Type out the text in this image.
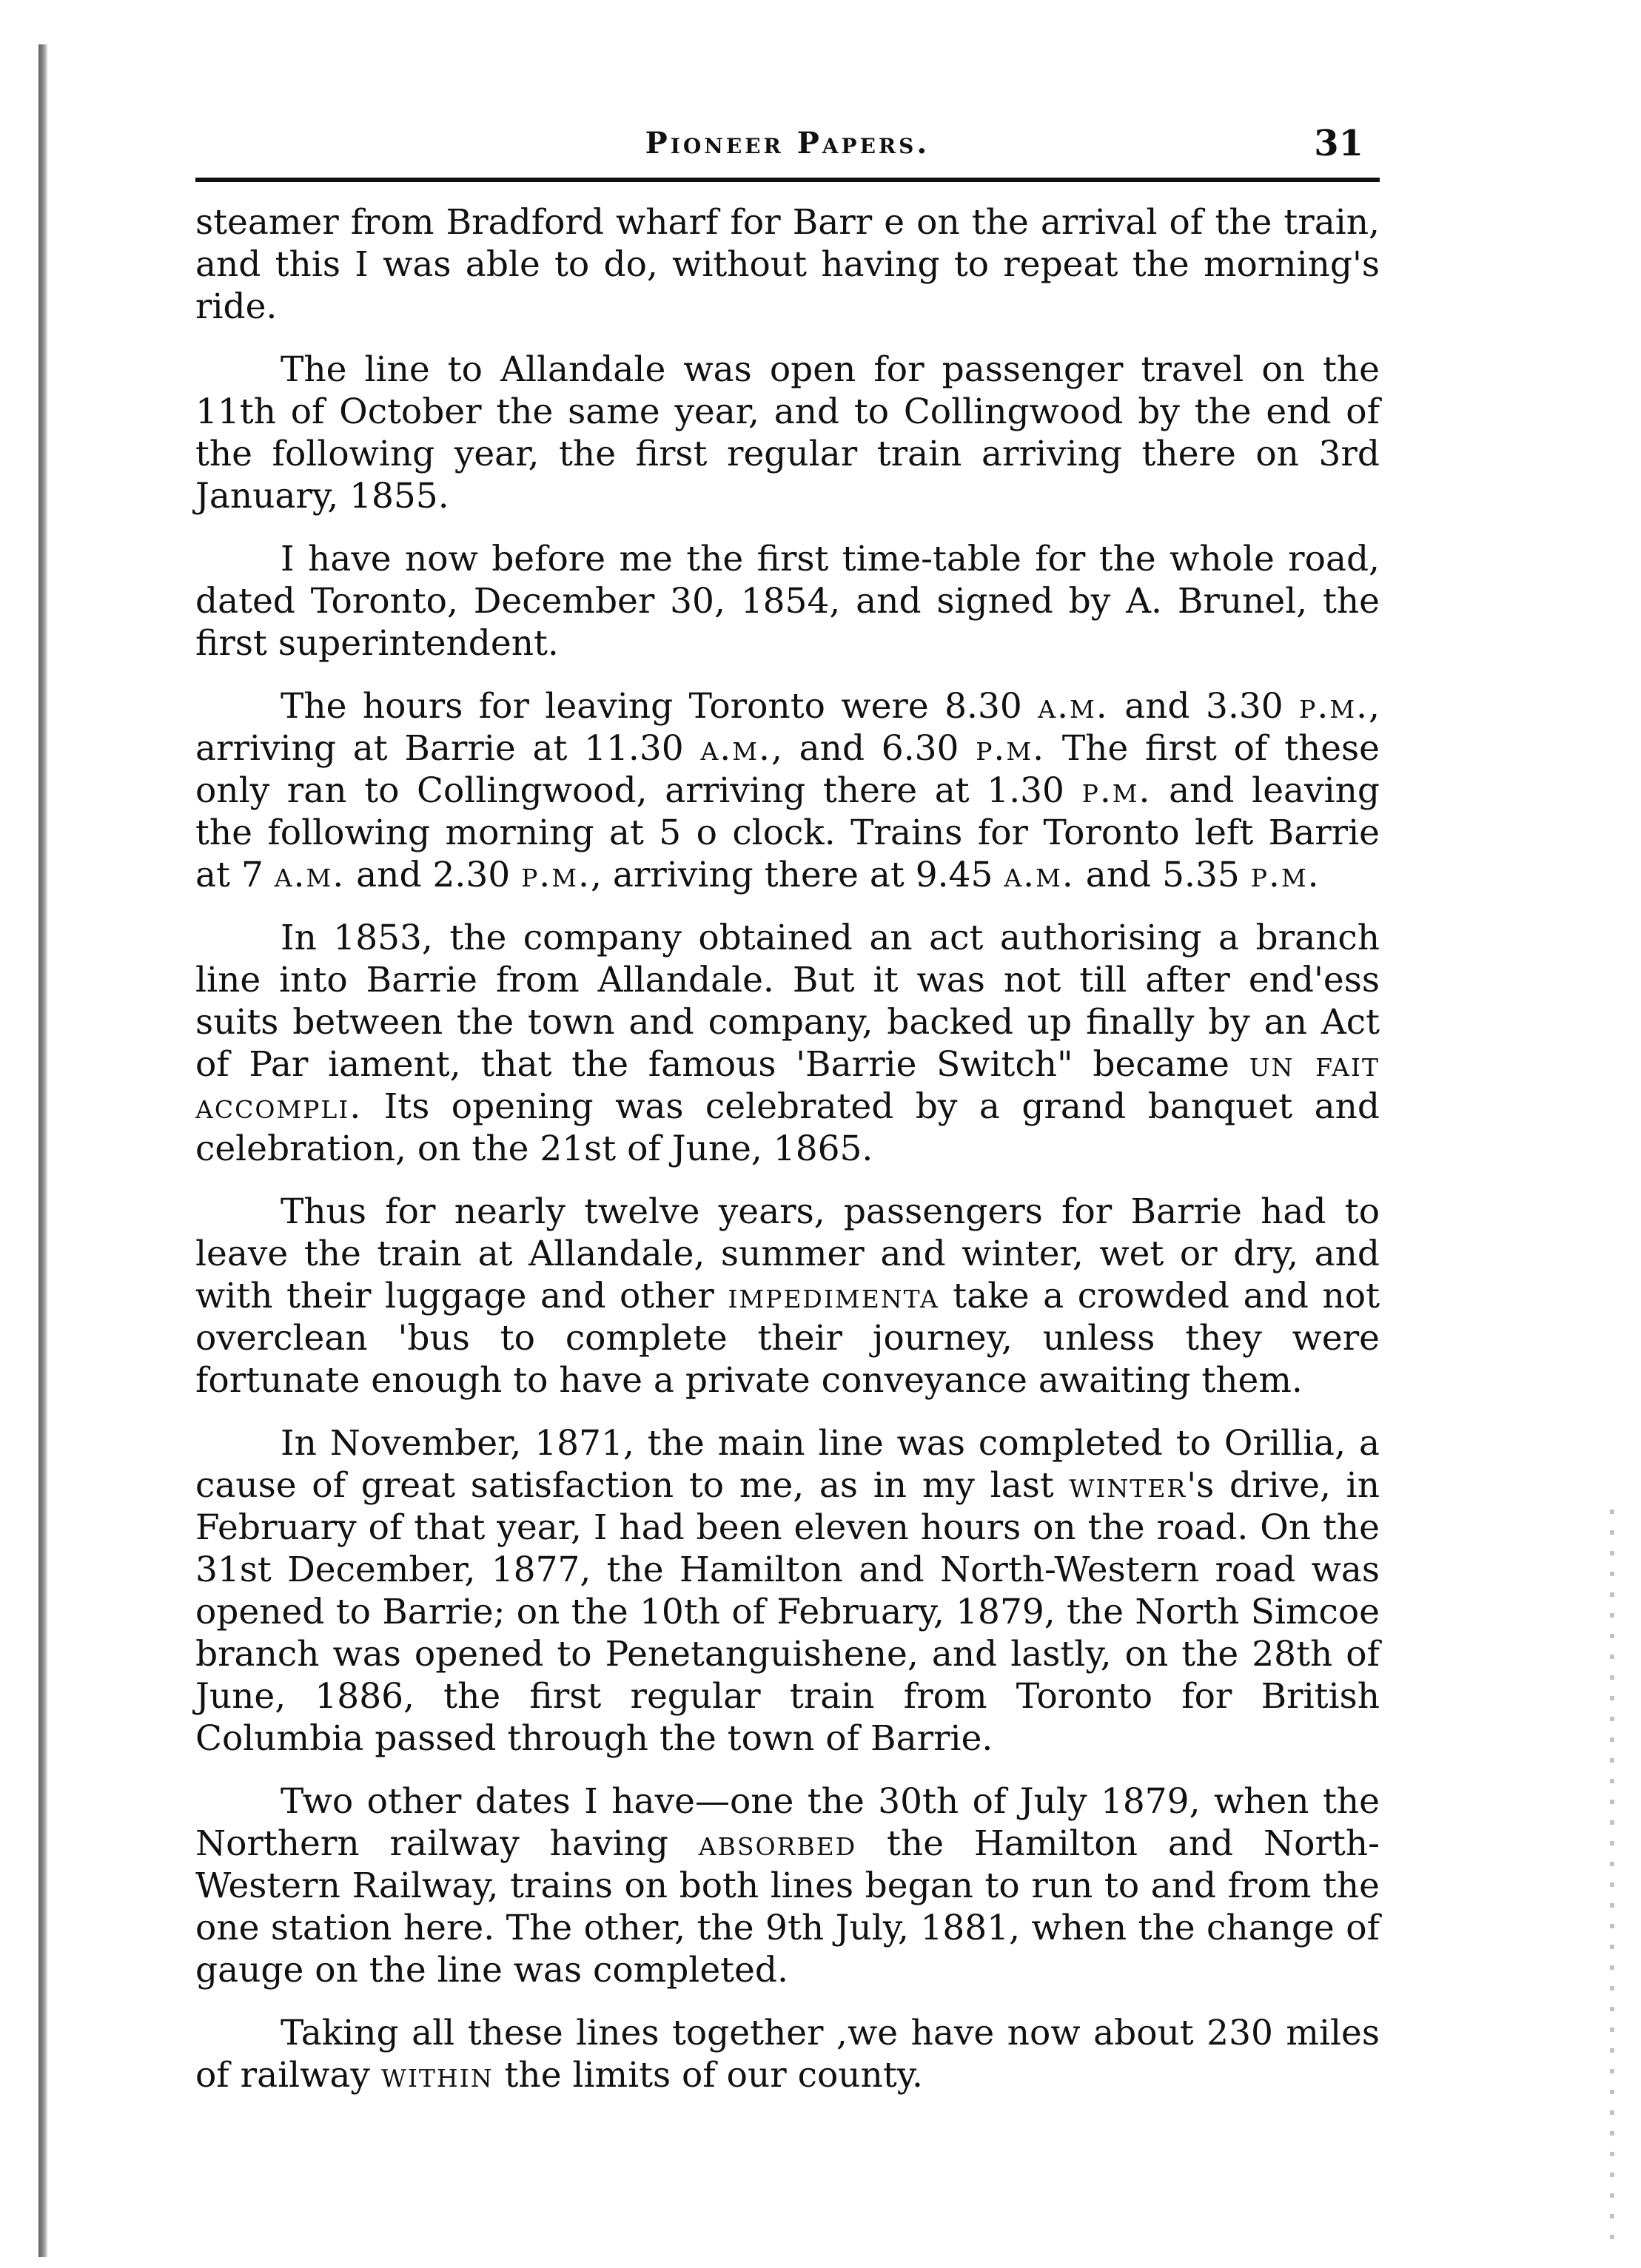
Pioneer Papers.	31

steamer from Bradford wharf for Barr e on the arrival of the train, and this I was able to do, without having to repeat the morning's ride.

The line to Allandale was open for passenger travel on the 11th of October the same year, and to Collingwood by the end of the following year, the first regular train arriving there on 3rd January, 1855.

I have now before me the first time-table for the whole road, dated Toronto, December 30, 1854, and signed by A. Brunel, the first superintendent.

The hours for leaving Toronto were 8.30 a.m. and 3.30 p.m., arriving at Barrie at 11.30 a.m., and 6.30 p.m. The first of these only ran to Collingwood, arriving there at 1.30 p.m. and leaving the following morning at 5 o clock. Trains for Toronto left Barrie at 7 a.m. and 2.30 p.m., arriving there at 9.45 a.m. and 5.35 p.m.

In 1853, the company obtained an act authorising a branch line into Barrie from Allandale. But it was not till after end'ess suits between the town and company, backed up finally by an Act of Par iament, that the famous 'Barrie Switch" became un fait accompli. Its opening was celebrated by a grand banquet and celebration, on the 21st of June, 1865.

Thus for nearly twelve years, passengers for Barrie had to leave the train at Allandale, summer and winter, wet or dry, and with their luggage and other impedimenta take a crowded and not overclean 'bus to complete their journey, unless they were fortunate enough to have a private conveyance awaiting them.

In November, 1871, the main line was completed to Orillia, a cause of great satisfaction to me, as in my last winter's drive, in February of that year, I had been eleven hours on the road. On the 31st December, 1877, the Hamilton and North-Western road was opened to Barrie; on the 10th of February, 1879, the North Simcoe branch was opened to Penetanguishene, and lastly, on the 28th of June, 1886, the first regular train from Toronto for British Columbia passed through the town of Barrie.

Two other dates I have—one the 30th of July 1879, when the Northern railway having absorbed the Hamilton and North-Western Railway, trains on both lines began to run to and from the one station here. The other, the 9th July, 1881, when the change of gauge on the line was completed.

Taking all these lines together ,we have now about 230 miles of railway within the limits of our county.
